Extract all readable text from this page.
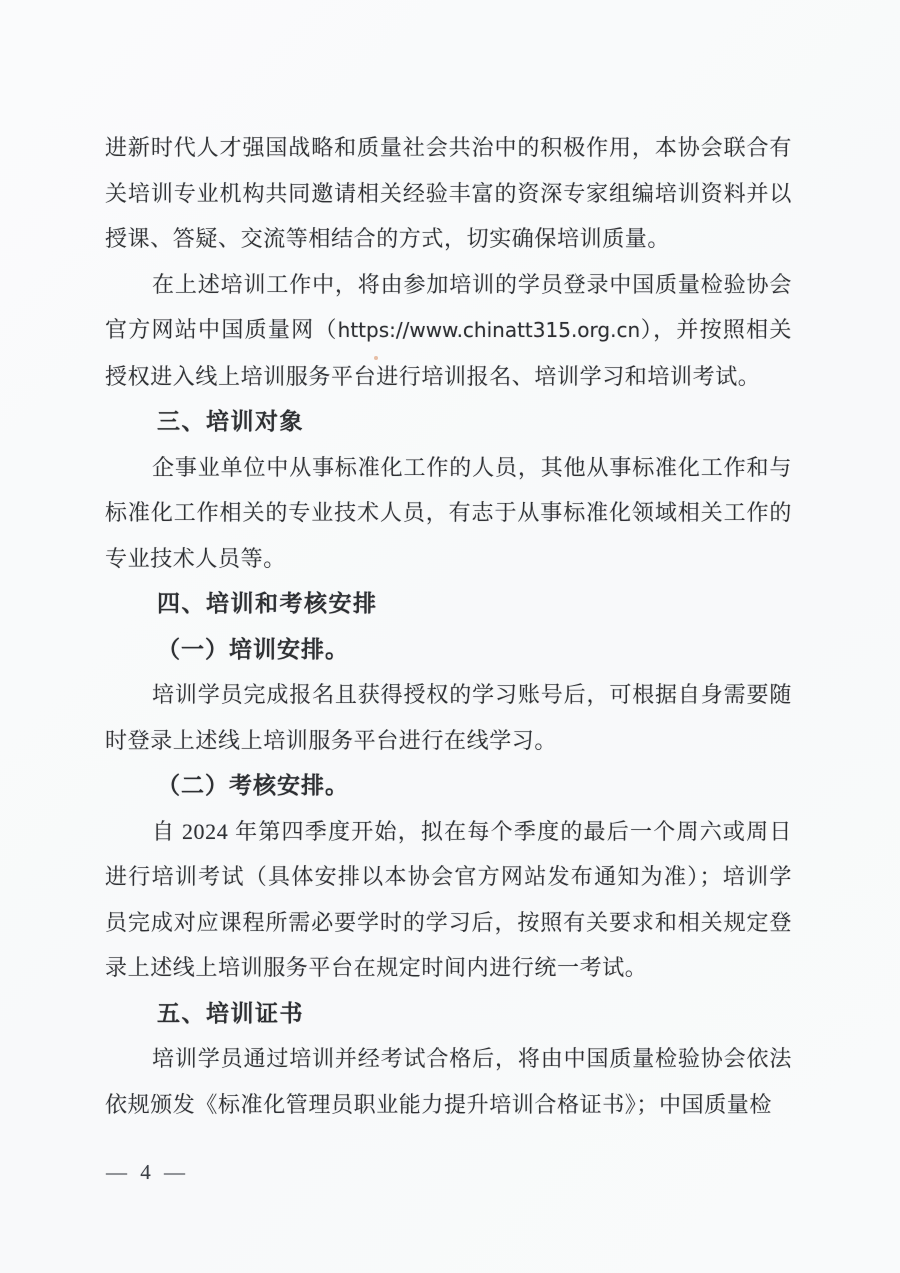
进新时代人才强国战略和质量社会共治中的积极作用，本协会联合有关培训专业机构共同邀请相关经验丰富的资深专家组编培训资料并以授课、答疑、交流等相结合的方式，切实确保培训质量。

在上述培训工作中，将由参加培训的学员登录中国质量检验协会官方网站中国质量网（https://www.chinatt315.org.cn），并按照相关授权进入线上培训服务平台进行培训报名、培训学习和培训考试。

三、培训对象

企事业单位中从事标准化工作的人员，其他从事标准化工作和与标准化工作相关的专业技术人员，有志于从事标准化领域相关工作的专业技术人员等。

四、培训和考核安排
（一）培训安排。

培训学员完成报名且获得授权的学习账号后，可根据自身需要随时登录上述线上培训服务平台进行在线学习。

（二）考核安排。

自 2024 年第四季度开始，拟在每个季度的最后一个周六或周日进行培训考试（具体安排以本协会官方网站发布通知为准）；培训学员完成对应课程所需必要学时的学习后，按照有关要求和相关规定登录上述线上培训服务平台在规定时间内进行统一考试。

五、培训证书

培训学员通过培训并经考试合格后，将由中国质量检验协会依法依规颁发《标准化管理员职业能力提升培训合格证书》；中国质量检

— 4 —
